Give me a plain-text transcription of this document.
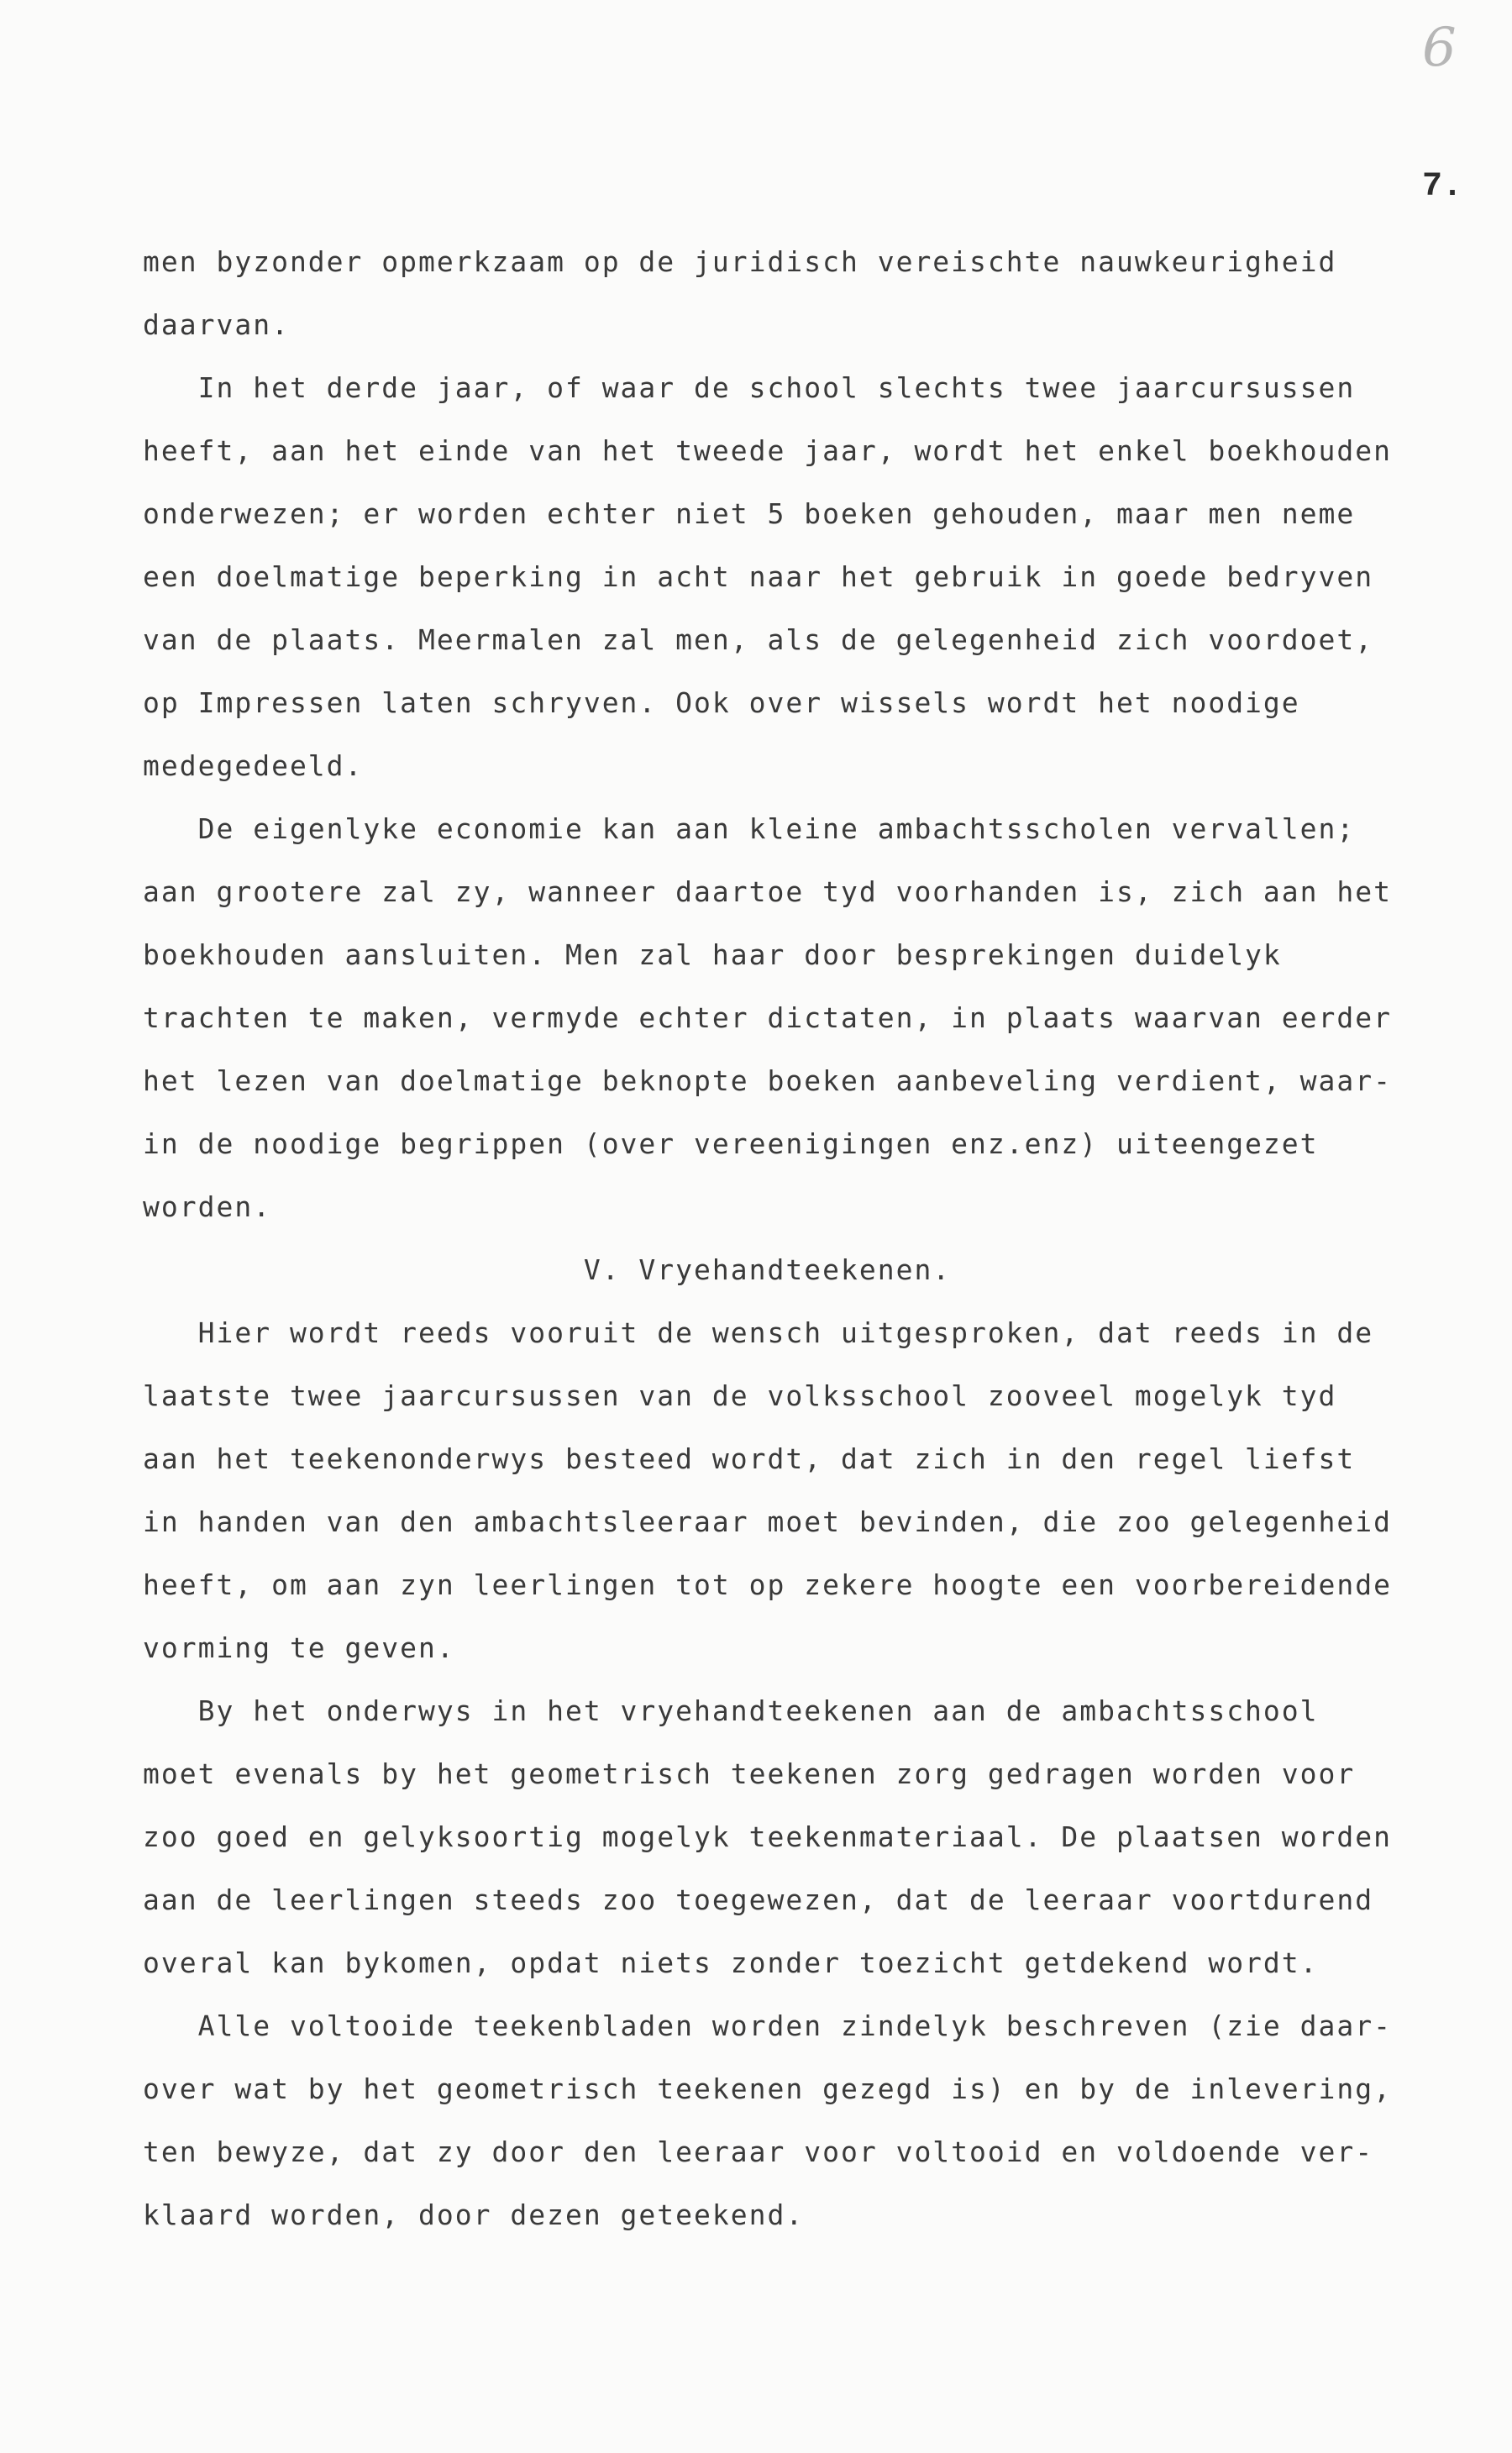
6
7.
men byzonder opmerkzaam op de juridisch vereischte nauwkeurigheid
daarvan.
In het derde jaar, of waar de school slechts twee jaarcursussen
heeft, aan het einde van het tweede jaar, wordt het enkel boekhouden
onderwezen; er worden echter niet 5 boeken gehouden, maar men neme
een doelmatige beperking in acht naar het gebruik in goede bedryven
van de plaats. Meermalen zal men, als de gelegenheid zich voordoet,
op Impressen laten schryven. Ook over wissels wordt het noodige
medegedeeld.
De eigenlyke economie kan aan kleine ambachtsscholen vervallen;
aan grootere zal zy, wanneer daartoe tyd voorhanden is, zich aan het
boekhouden aansluiten. Men zal haar door besprekingen duidelyk
trachten te maken, vermyde echter dictaten, in plaats waarvan eerder
het lezen van doelmatige beknopte boeken aanbeveling verdient, waar-
in de noodige begrippen (over vereenigingen enz.enz) uiteengezet
worden.
V. Vryehandteekenen.
Hier wordt reeds vooruit de wensch uitgesproken, dat reeds in de
laatste twee jaarcursussen van de volksschool zooveel mogelyk tyd
aan het teekenonderwys besteed wordt, dat zich in den regel liefst
in handen van den ambachtsleeraar moet bevinden, die zoo gelegenheid
heeft, om aan zyn leerlingen tot op zekere hoogte een voorbereidende
vorming te geven.
By het onderwys in het vryehandteekenen aan de ambachtsschool
moet evenals by het geometrisch teekenen zorg gedragen worden voor
zoo goed en gelyksoortig mogelyk teekenmateriaal. De plaatsen worden
aan de leerlingen steeds zoo toegewezen, dat de leeraar voortdurend
overal kan bykomen, opdat niets zonder toezicht getdekend wordt.
Alle voltooide teekenbladen worden zindelyk beschreven (zie daar-
over wat by het geometrisch teekenen gezegd is) en by de inlevering,
ten bewyze, dat zy door den leeraar voor voltooid en voldoende ver-
klaard worden, door dezen geteekend.
